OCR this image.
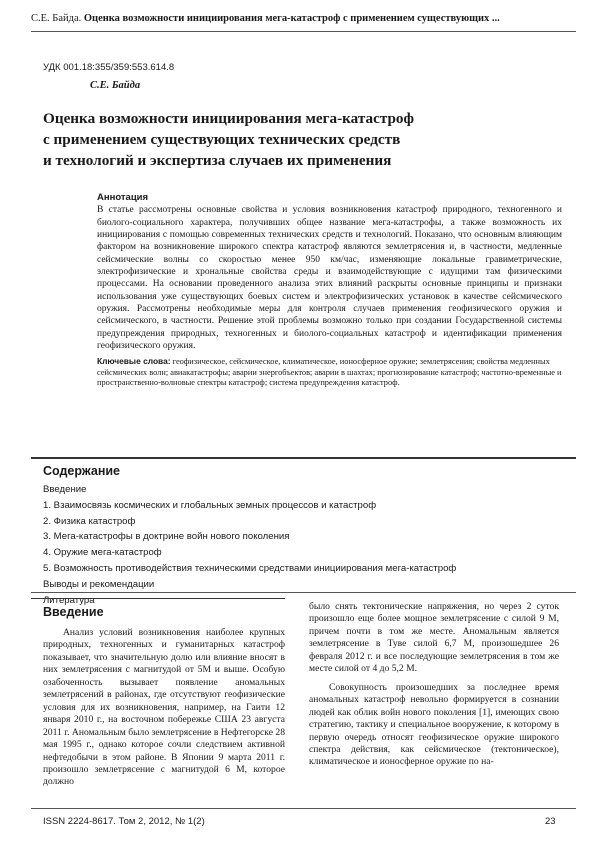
С.Е. Байда. Оценка возможности инициирования мега-катастроф с применением существующих ...
УДК 001.18:355/359:553.614.8
С.Е. Байда
Оценка возможности инициирования мега-катастроф
с применением существующих технических средств
и технологий и экспертиза случаев их применения
Аннотация
В статье рассмотрены основные свойства и условия возникновения катастроф природного, техногенного и биолого-социального характера, получивших общее название мега-катастрофы, а также возможность их инициирования с помощью современных технических средств и технологий. Показано, что основным влияющим фактором на возникновение широкого спектра катастроф являются землетрясения и, в частности, медленные сейсмические волны со скоростью менее 950 км/час, изменяющие локальные гравиметрические, электрофизические и хрональные свойства среды и взаимодействующие с идущими там физическими процессами. На основании проведенного анализа этих влияний раскрыты основные принципы и признаки использования уже существующих боевых систем и электрофизических установок в качестве сейсмического оружия. Рассмотрены необходимые меры для контроля случаев применения геофизического оружия и сейсмического, в частности. Решение этой проблемы возможно только при создании Государственной системы предупреждения природных, техногенных и биолого-социальных катастроф и идентификации применения геофизического оружия.
Ключевые слова: геофизическое, сейсмическое, климатическое, ионосферное оружие; землетрясения; свойства медленных сейсмических волн; авиакатастрофы; аварии энергобъектов; аварии в шахтах; прогнозирование катастроф; частотно-временные и пространственно-волновые спектры катастроф; система предупреждения катастроф.
Содержание
Введение
1. Взаимосвязь космических и глобальных земных процессов и катастроф
2. Физика катастроф
3. Мега-катастрофы в доктрине войн нового поколения
4. Оружие мега-катастроф
5. Возможность противодействия техническими средствами инициирования мега-катастроф
Выводы и рекомендации
Литература
Введение
Анализ условий возникновения наиболее крупных природных, техногенных и гуманитарных катастроф показывает, что значительную долю или влияние вносят в них землетрясения с магнитудой от 5М и выше. Особую озабоченность вызывает появление аномальных землетрясений в районах, где отсутствуют геофизические условия для их возникновения, например, на Гаити 12 января 2010 г., на восточном побережье США 23 августа 2011 г. Аномальным было землетрясение в Нефтегорске 28 мая 1995 г., однако которое сочли следствием активной нефтедобычи в этом районе. В Японии 9 марта 2011 г. произошло землетрясение с магнитудой 6 М, которое должно
было снять тектонические напряжения, но через 2 суток произошло еще более мощное землетрясение с силой 9 М, причем почти в том же месте. Аномальным является землетрясение в Туве силой 6,7 М, произошедшее 26 февраля 2012 г. и все последующие землетрясения в том же месте силой от 4 до 5,2 М.
Совокупность произошедших за последнее время аномальных катастроф невольно формируется в сознании людей как облик войн нового поколения [1], имеющих свою стратегию, тактику и специальное вооружение, к которому в первую очередь относят геофизическое оружие широкого спектра действия, как сейсмическое (тектоническое), климатическое и ионосферное оружие по на-
ISSN 2224-8617. Том 2, 2012, № 1(2)	23
